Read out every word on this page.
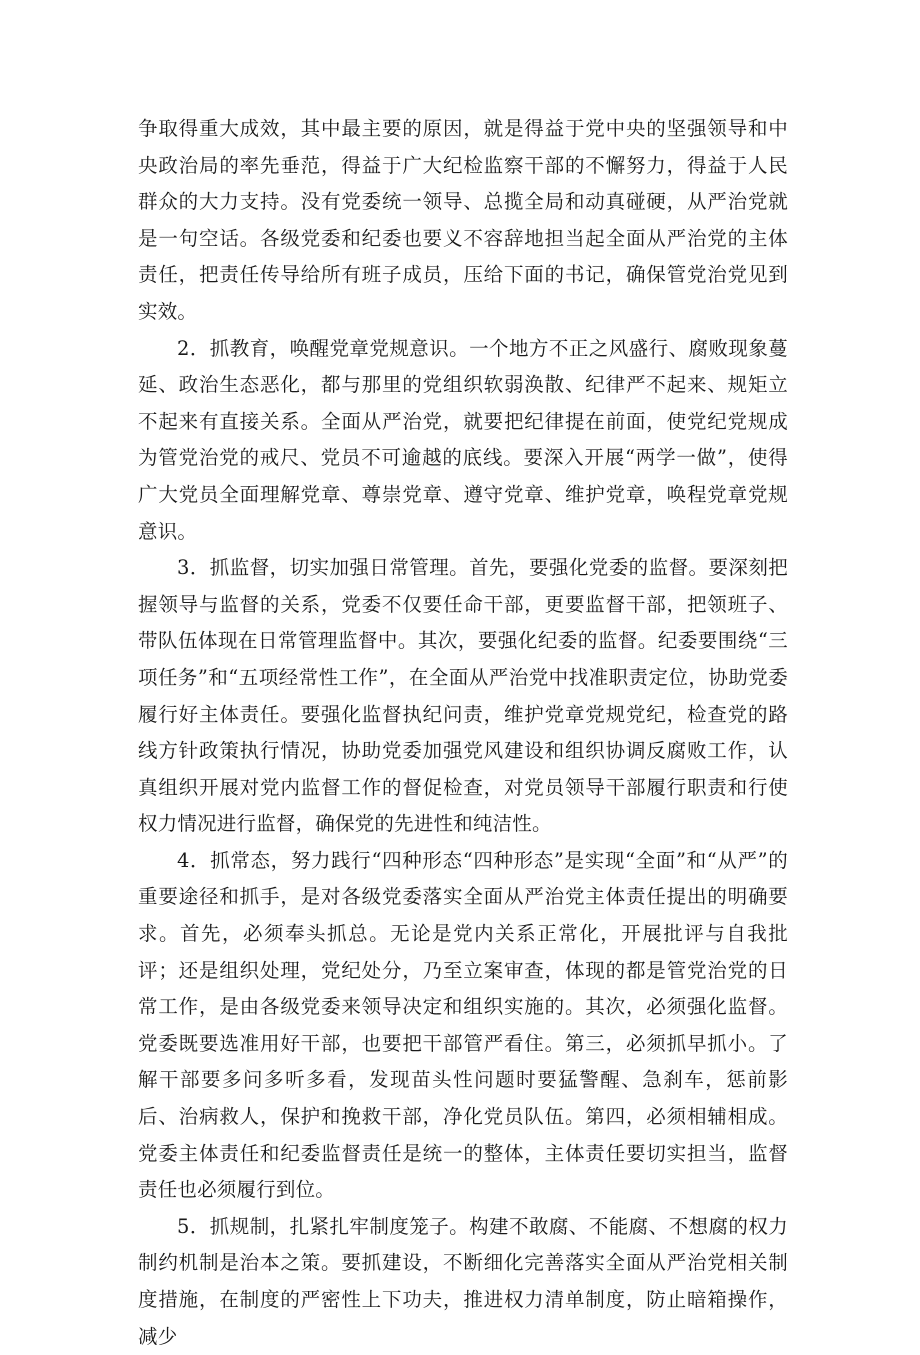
争取得重大成效，其中最主要的原因，就是得益于党中央的坚强领导和中央政治局的率先垂范，得益于广大纪检监察干部的不懈努力，得益于人民群众的大力支持。没有党委统一领导、总揽全局和动真碰硬，从严治党就是一句空话。各级党委和纪委也要义不容辞地担当起全面从严治党的主体责任，把责任传导给所有班子成员，压给下面的书记，确保管党治党见到实效。

2．抓教育，唤醒党章党规意识。一个地方不正之风盛行、腐败现象蔓延、政治生态恶化，都与那里的党组织软弱涣散、纪律严不起来、规矩立不起来有直接关系。全面从严治党，就要把纪律提在前面，使党纪党规成为管党治党的戒尺、党员不可逾越的底线。要深入开展“两学一做”，使得广大党员全面理解党章、尊崇党章、遵守党章、维护党章，唤程党章党规意识。

3．抓监督，切实加强日常管理。首先，要强化党委的监督。要深刻把握领导与监督的关系，党委不仅要任命干部，更要监督干部，把领班子、带队伍体现在日常管理监督中。其次，要强化纪委的监督。纪委要围绕“三项任务”和“五项经常性工作”，在全面从严治党中找准职责定位，协助党委履行好主体责任。要强化监督执纪问责，维护党章党规党纪，检查党的路线方针政策执行情况，协助党委加强党风建设和组织协调反腐败工作，认真组织开展对党内监督工作的督促检查，对党员领导干部履行职责和行使权力情况进行监督，确保党的先进性和纯洁性。

4．抓常态，努力践行“四种形态“四种形态”是实现“全面”和“从严”的重要途径和抓手，是对各级党委落实全面从严治党主体责任提出的明确要求。首先，必须奉头抓总。无论是党内关系正常化，开展批评与自我批评；还是组织处理，党纪处分，乃至立案审查，体现的都是管党治党的日常工作，是由各级党委来领导决定和组织实施的。其次，必须强化监督。党委既要选准用好干部，也要把干部管严看住。第三，必须抓早抓小。了解干部要多问多听多看，发现苗头性问题时要猛警醒、急刹车，惩前影后、治病救人，保护和挽救干部，净化党员队伍。第四，必须相辅相成。党委主体责任和纪委监督责任是统一的整体，主体责任要切实担当，监督责任也必须履行到位。

5．抓规制，扎紧扎牢制度笼子。构建不敢腐、不能腐、不想腐的权力制约机制是治本之策。要抓建设，不断细化完善落实全面从严治党相关制度措施，在制度的严密性上下功夫，推进权力清单制度，防止暗箱操作，减少
